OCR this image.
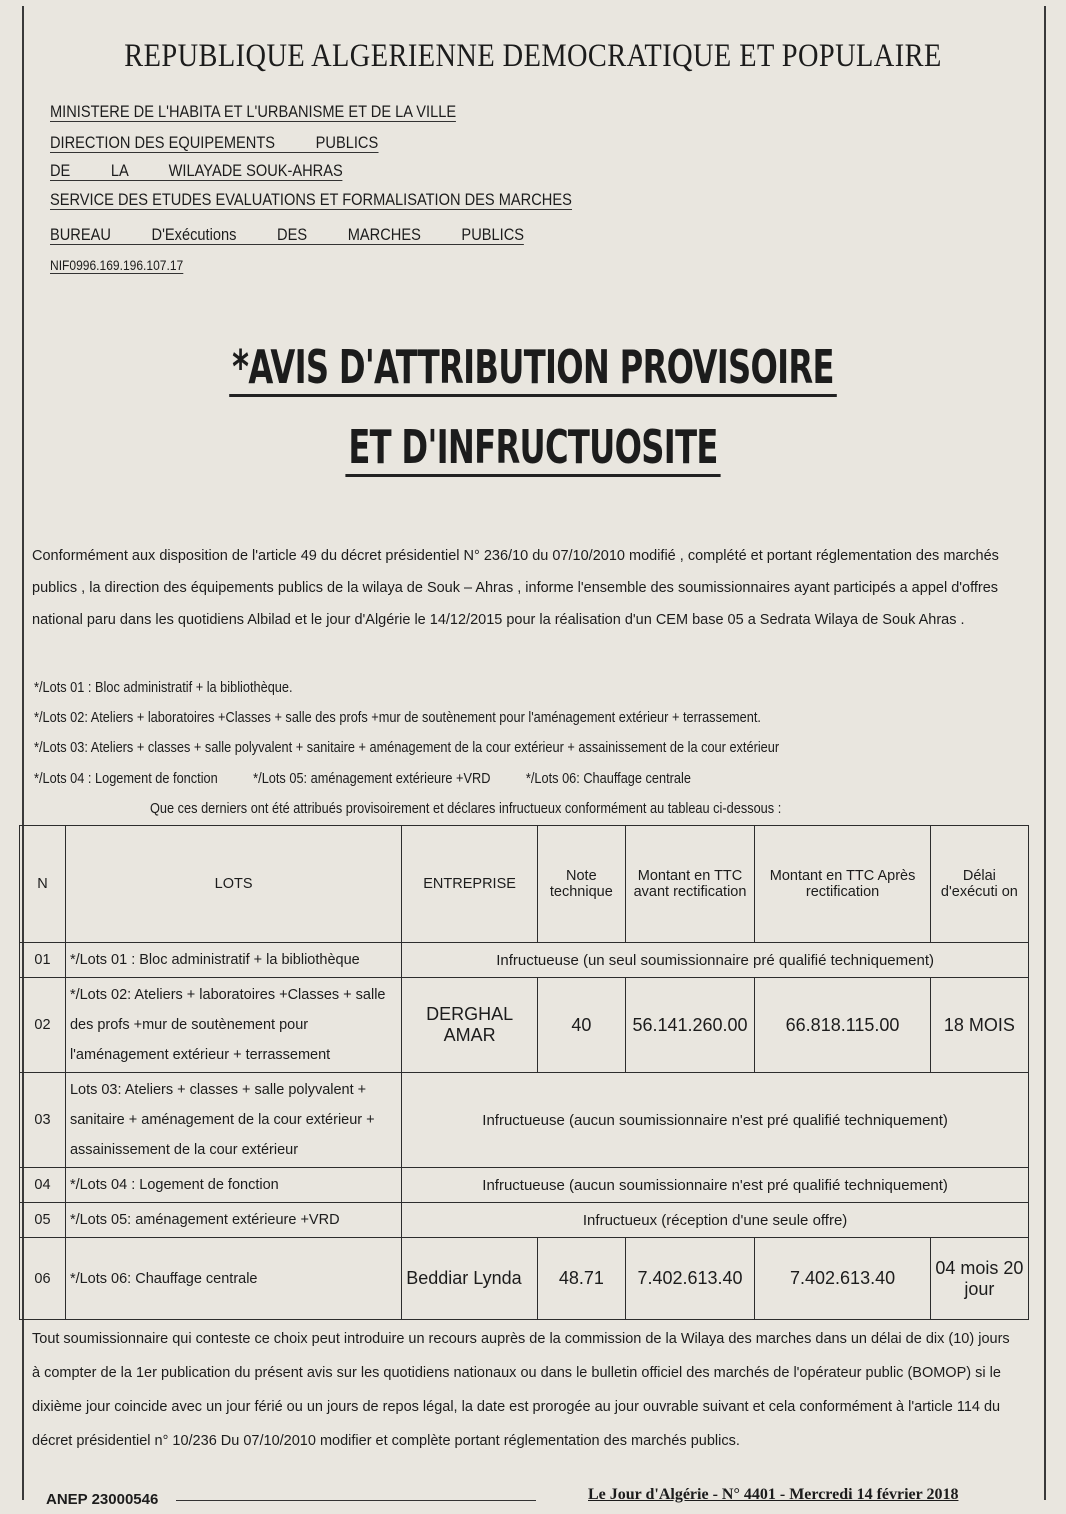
REPUBLIQUE ALGERIENNE DEMOCRATIQUE ET POPULAIRE
MINISTERE DE L'HABITA ET L'URBANISME ET DE LA VILLE
DIRECTION DES EQUIPEMENTS          PUBLICS
DE          LA          WILAYADE SOUK-AHRAS
SERVICE DES ETUDES EVALUATIONS ET FORMALISATION DES MARCHES
BUREAU          D'Exécutions          DES          MARCHES          PUBLICS
NIF0996.169.196.107.17
*AVIS D'ATTRIBUTION PROVISOIRE
ET D'INFRUCTUOSITE
Conformément aux disposition de l'article 49 du décret présidentiel N° 236/10 du 07/10/2010 modifié , complété et portant réglementation des marchés publics , la direction des équipements publics de la wilaya de Souk – Ahras , informe l'ensemble des soumissionnaires ayant participés a appel d'offres national paru dans les quotidiens Albilad et le jour d'Algérie le 14/12/2015 pour la réalisation d'un CEM base 05 a Sedrata Wilaya de Souk Ahras .
*/Lots 01 : Bloc administratif + la bibliothèque.
*/Lots 02: Ateliers + laboratoires +Classes + salle des profs +mur de soutènement pour l'aménagement extérieur + terrassement.
*/Lots 03: Ateliers + classes + salle polyvalent + sanitaire + aménagement de la cour extérieur + assainissement de la cour extérieur
*/Lots 04 : Logement de fonction          */Lots 05: aménagement extérieure +VRD          */Lots 06: Chauffage centrale
Que ces derniers ont été attribués provisoirement et déclares infructueux conformément au tableau ci-dessous :
N	LOTS	ENTREPRISE	Note technique	Montant en TTC avant rectification	Montant en TTC Après rectification	Délai d'exécuti on
01	*/Lots 01 : Bloc administratif + la bibliothèque	Infructueuse (un seul soumissionnaire pré qualifié techniquement)				
02	*/Lots 02: Ateliers + laboratoires +Classes + salle des profs +mur de soutènement pour l'aménagement extérieur + terrassement	DERGHAL AMAR	40	56.141.260.00	66.818.115.00	18 MOIS
03	Lots 03: Ateliers + classes + salle polyvalent + sanitaire + aménagement de la cour extérieur + assainissement de la cour extérieur	Infructueuse (aucun soumissionnaire n'est pré qualifié techniquement)				
04	*/Lots 04 : Logement de fonction	Infructueuse (aucun soumissionnaire n'est pré qualifié techniquement)				
05	*/Lots 05: aménagement extérieure +VRD	Infructueux (réception d'une seule offre)				
06	*/Lots 06: Chauffage centrale	Beddiar Lynda	48.71	7.402.613.40	7.402.613.40	04 mois 20 jour
Tout soumissionnaire qui conteste ce choix peut introduire un recours auprès de la commission de la Wilaya des marches dans un délai de dix (10) jours à compter de la 1er publication du présent avis sur les quotidiens nationaux ou dans le bulletin officiel des marchés de l'opérateur public (BOMOP) si le dixième jour coincide avec un jour férié ou un jours de repos légal, la date est prorogée au jour ouvrable suivant et cela conformément à l'article 114 du décret présidentiel n° 10/236 Du 07/10/2010 modifier et complète portant réglementation des marchés publics.
ANEP 23000546	Le Jour d'Algérie - N° 4401 - Mercredi 14 février 2018
